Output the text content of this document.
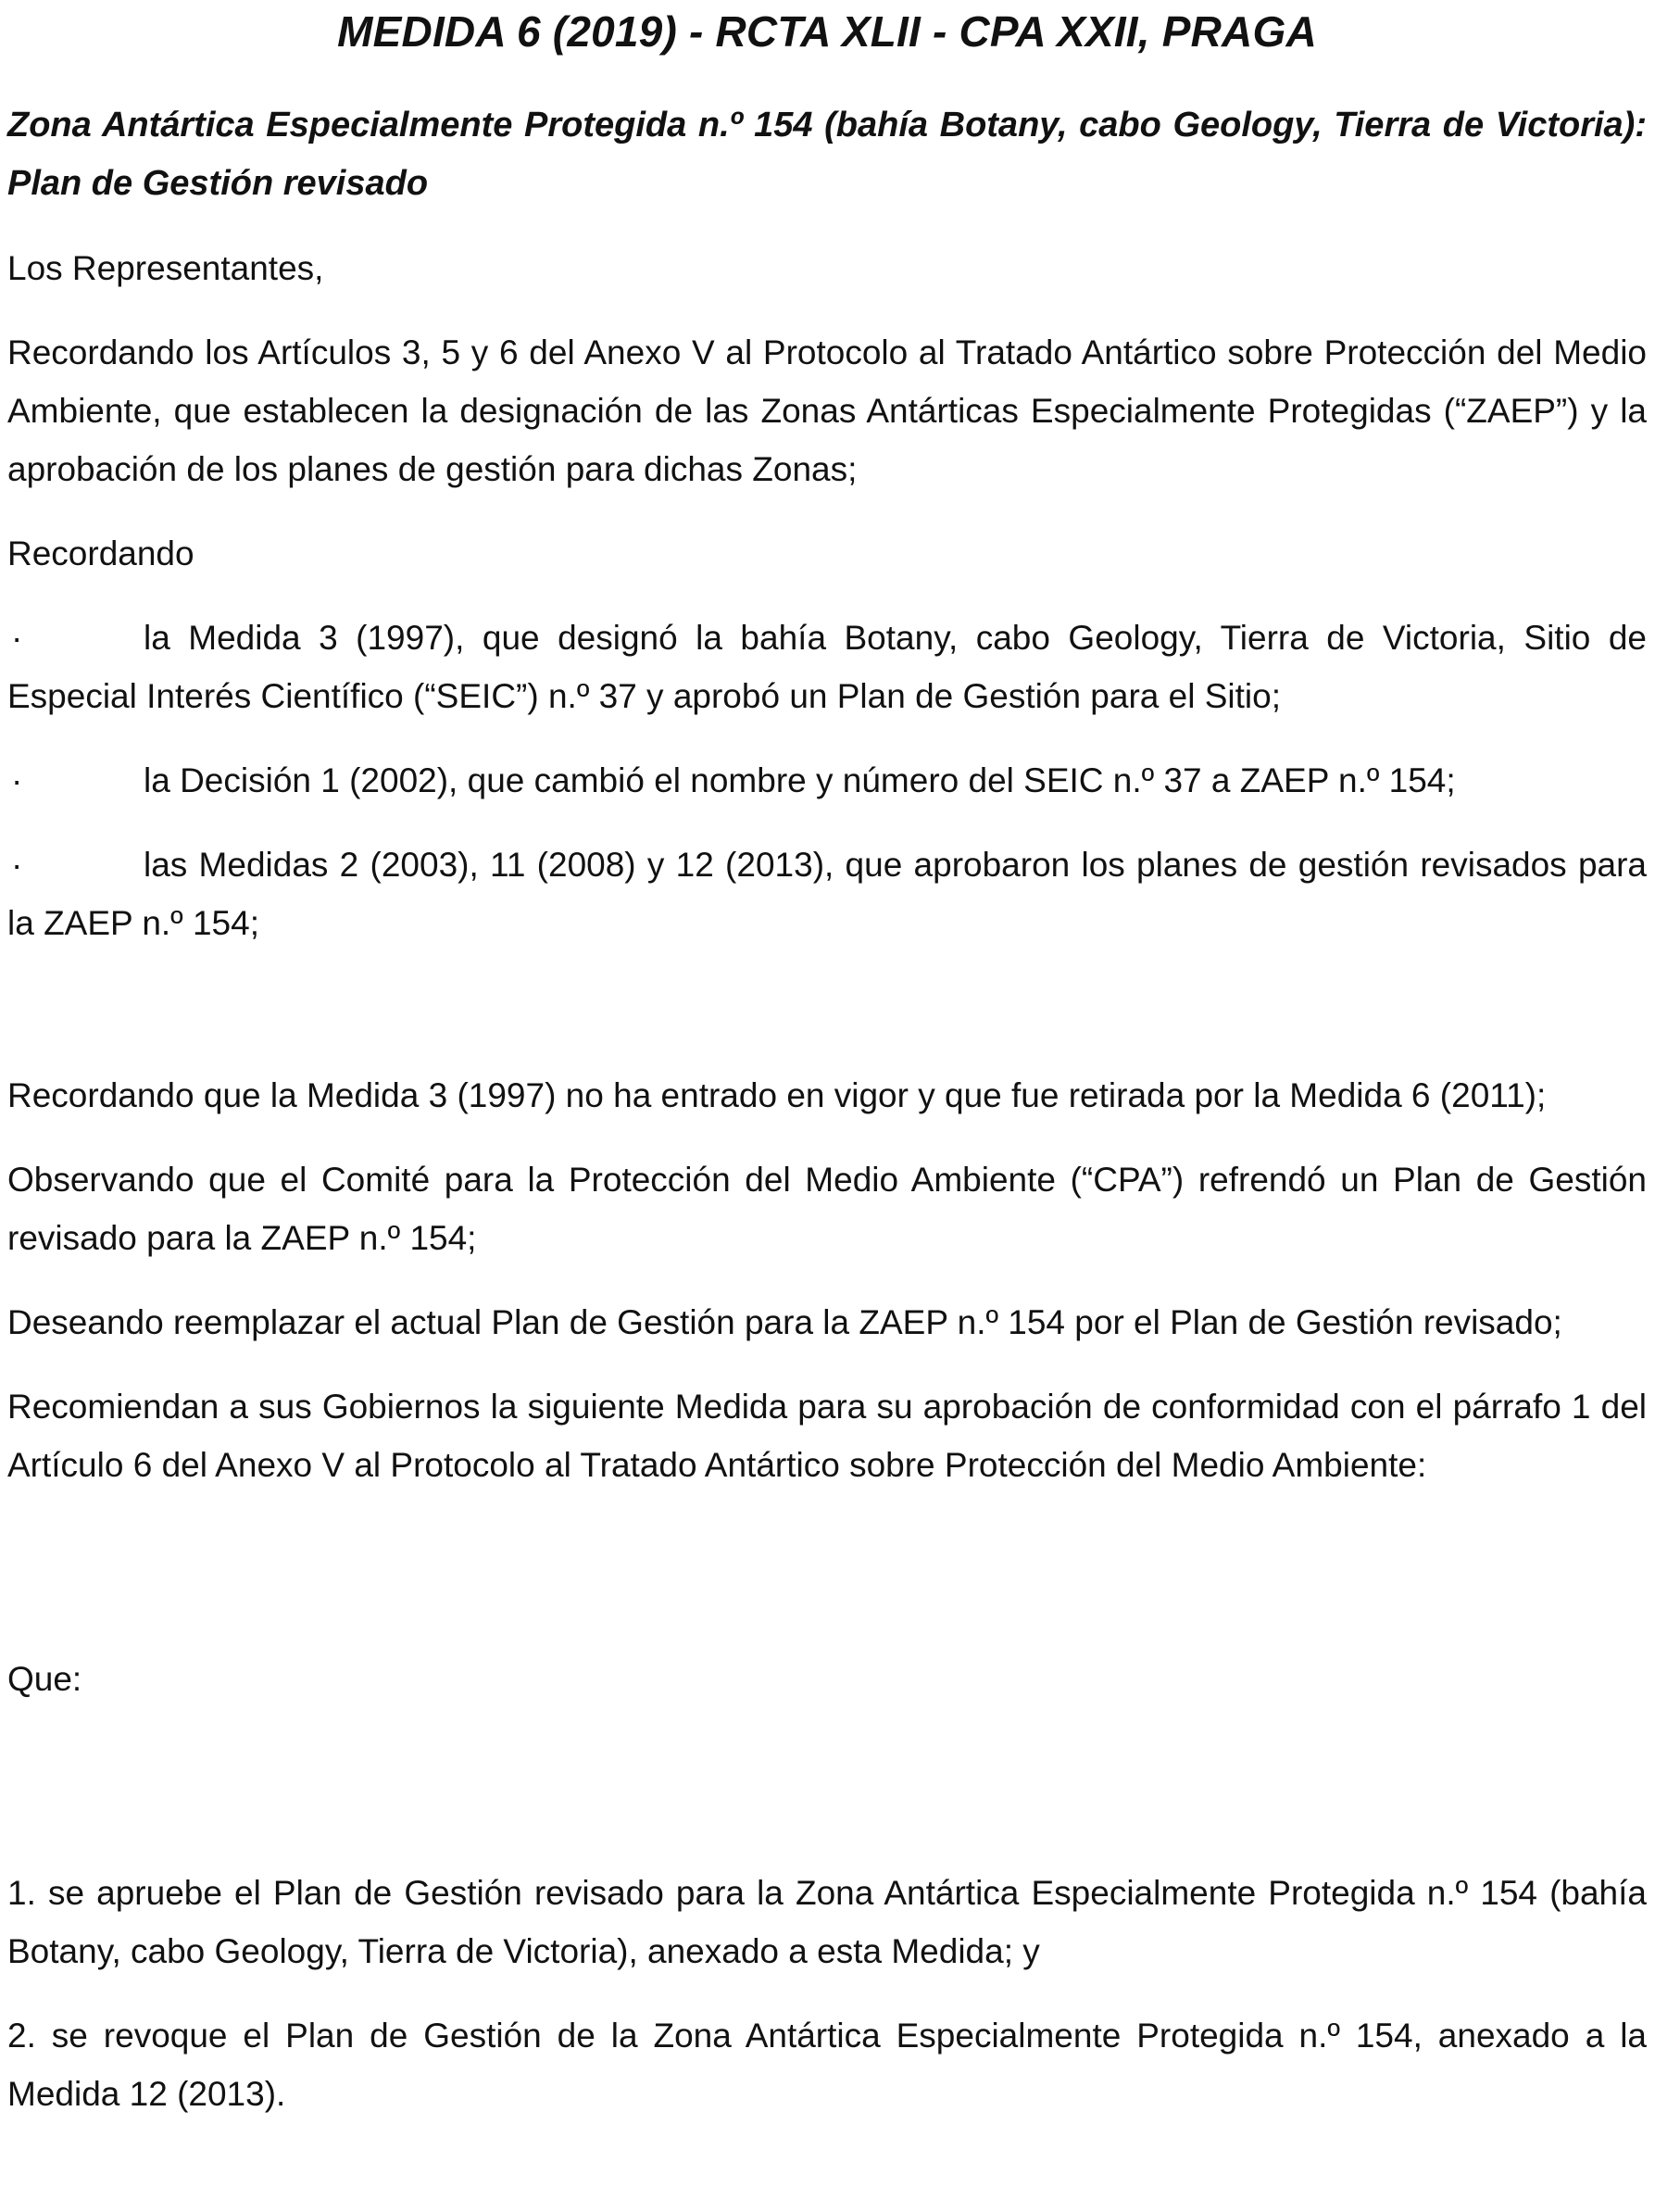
MEDIDA 6 (2019) - RCTA XLII - CPA XXII, PRAGA
Zona Antártica Especialmente Protegida n.º 154 (bahía Botany, cabo Geology, Tierra de Victoria): Plan de Gestión revisado

Los Representantes,

Recordando los Artículos 3, 5 y 6 del Anexo V al Protocolo al Tratado Antártico sobre Protección del Medio Ambiente, que establecen la designación de las Zonas Antárticas Especialmente Protegidas (“ZAEP”) y la aprobación de los planes de gestión para dichas Zonas;

Recordando

·	la Medida 3 (1997), que designó la bahía Botany, cabo Geology, Tierra de Victoria, Sitio de Especial Interés Científico (“SEIC”) n.º 37 y aprobó un Plan de Gestión para el Sitio;

·	la Decisión 1 (2002), que cambió el nombre y número del SEIC n.º 37 a ZAEP n.º 154;

·	las Medidas 2 (2003), 11 (2008) y 12 (2013), que aprobaron los planes de gestión revisados para la ZAEP n.º 154;

Recordando que la Medida 3 (1997) no ha entrado en vigor y que fue retirada por la Medida 6 (2011);

Observando que el Comité para la Protección del Medio Ambiente (“CPA”) refrendó un Plan de Gestión revisado para la ZAEP n.º 154;

Deseando reemplazar el actual Plan de Gestión para la ZAEP n.º 154 por el Plan de Gestión revisado;

Recomiendan a sus Gobiernos la siguiente Medida para su aprobación de conformidad con el párrafo 1 del Artículo 6 del Anexo V al Protocolo al Tratado Antártico sobre Protección del Medio Ambiente:

Que:

1. se apruebe el Plan de Gestión revisado para la Zona Antártica Especialmente Protegida n.º 154 (bahía Botany, cabo Geology, Tierra de Victoria), anexado a esta Medida; y

2. se revoque el Plan de Gestión de la Zona Antártica Especialmente Protegida n.º 154, anexado a la Medida 12 (2013).
